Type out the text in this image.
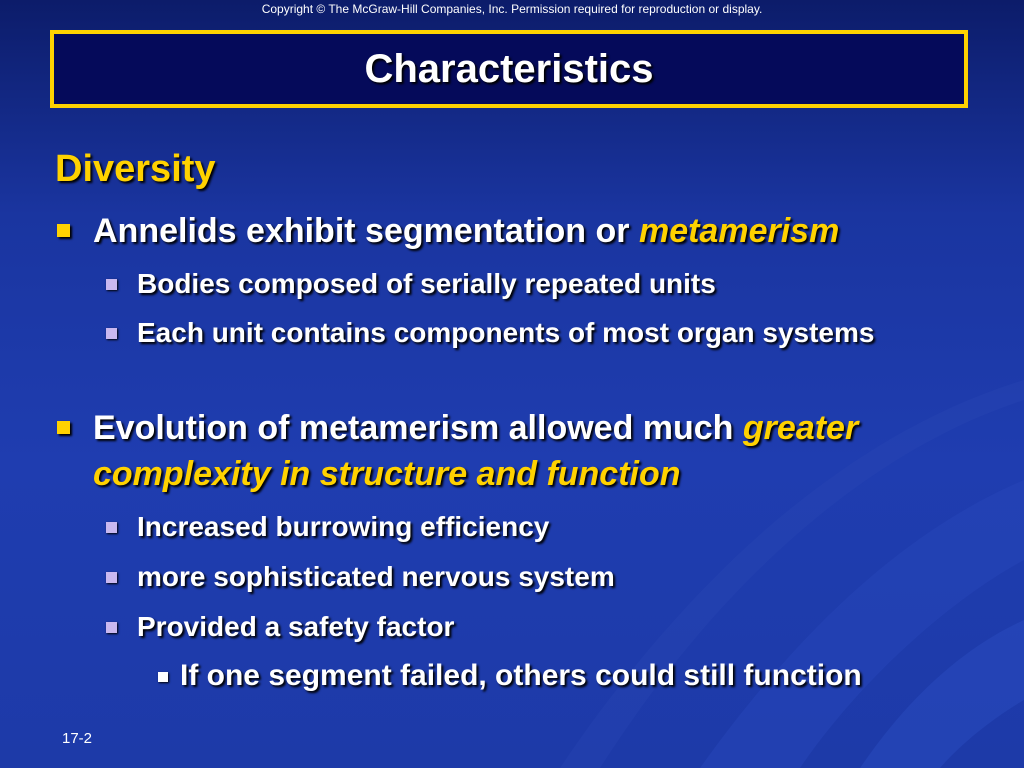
Copyright © The McGraw-Hill Companies, Inc. Permission required for reproduction or display.
Characteristics
Diversity
Annelids exhibit segmentation or metamerism
Bodies composed of serially repeated units
Each unit contains components of most organ systems
Evolution of metamerism allowed much greater complexity in structure and function
Increased burrowing efficiency
more sophisticated nervous system
Provided a safety factor
If one segment failed, others could still function
17-2
